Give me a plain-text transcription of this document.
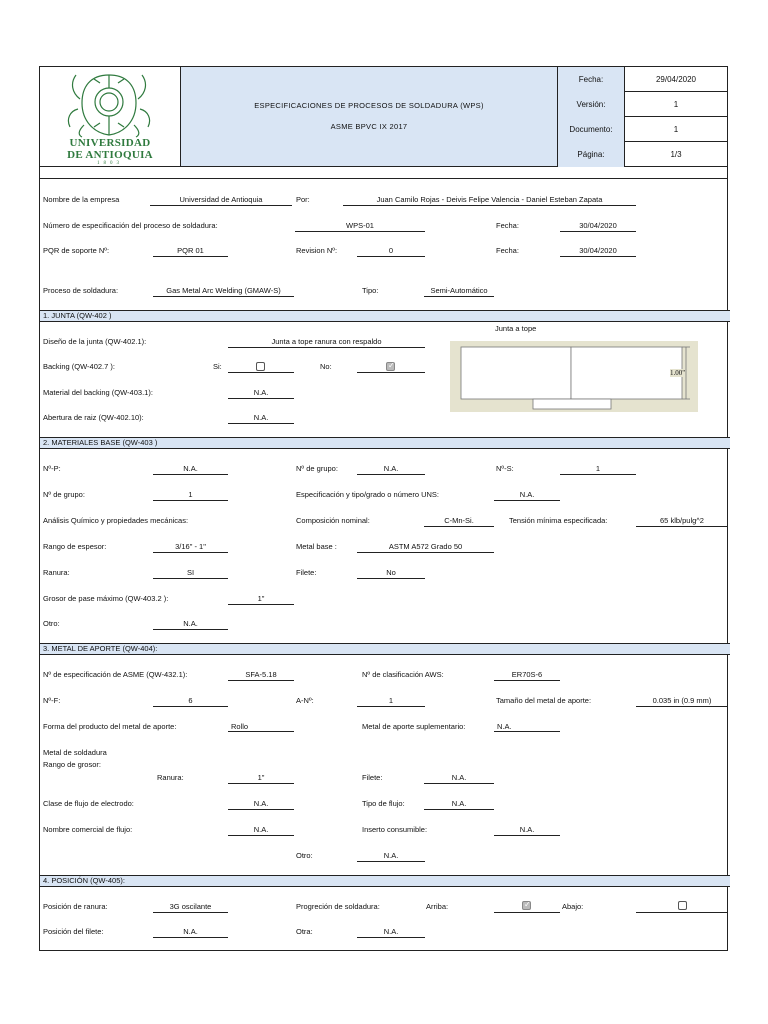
UNIVERSIDAD
DE ANTIOQUIA
1803
ESPECIFICACIONES DE PROCESOS DE SOLDADURA (WPS)
ASME BPVC IX 2017
Fecha:	29/04/2020
Versión:	1
Documento:	1
Página:	1/3
Nombre de la empresa	Universidad de Antioquia	Por:	Juan Camilo Rojas - Deivis Felipe Valencia - Daniel Esteban Zapata
Número de especificación del proceso de soldadura:	WPS-01	Fecha:	30/04/2020
PQR de soporte Nº:	PQR 01	Revision Nº:	0	Fecha:	30/04/2020
Proceso de soldadura:	Gas Metal Arc Welding (GMAW-S)	Tipo:	Semi-Automático
1. JUNTA (QW-402 )
Junta a tope
Diseño de la junta (QW-402.1):	Junta a tope ranura con respaldo
Backing (QW-402.7 ):	Si:	No:
✓
Material del backing (QW-403.1):	N.A.
Abertura de raiz (QW-402.10):	N.A.
1.00"
2. MATERIALES BASE (QW-403 )
Nº-P:	N.A.	Nº de grupo:	N.A.	Nº-S:	1
Nº de grupo:	1	Especificación y tipo/grado o número UNS:	N.A.
Análisis Químico y propiedades mecánicas:	Composición nominal:	C-Mn-Si.	Tensión mínima especificada:	65 klb/pulg^2
Rango de espesor:	3/16" - 1"	Metal base :	ASTM A572 Grado 50
Ranura:	SI	Filete:	No
Grosor de pase máximo (QW-403.2 ):	1"
Otro:	N.A.
3. METAL DE APORTE (QW-404):
Nº de especificación de ASME (QW-432.1):	SFA-5.18	Nº de clasificación AWS:	ER70S-6
Nº-F:	6	A-Nº:	1	Tamaño del metal de aporte:	0.035 in (0.9 mm)
Forma del producto del metal de aporte:	Rollo	Metal de aporte suplementario:	N.A.
Metal de soldadura
Rango de grosor:
Ranura:	1"	Filete:	N.A.
Clase de flujo de electrodo:	N.A.	Tipo de flujo:	N.A.
Nombre comercial de flujo:	N.A.	Inserto consumible:	N.A.
Otro:	N.A.
4. POSICIÓN (QW-405):
Posición de ranura:	3G oscilante	Progreción de soldadura:	Arriba:
✓	Abajo:
Posición del filete:	N.A.	Otra:	N.A.
